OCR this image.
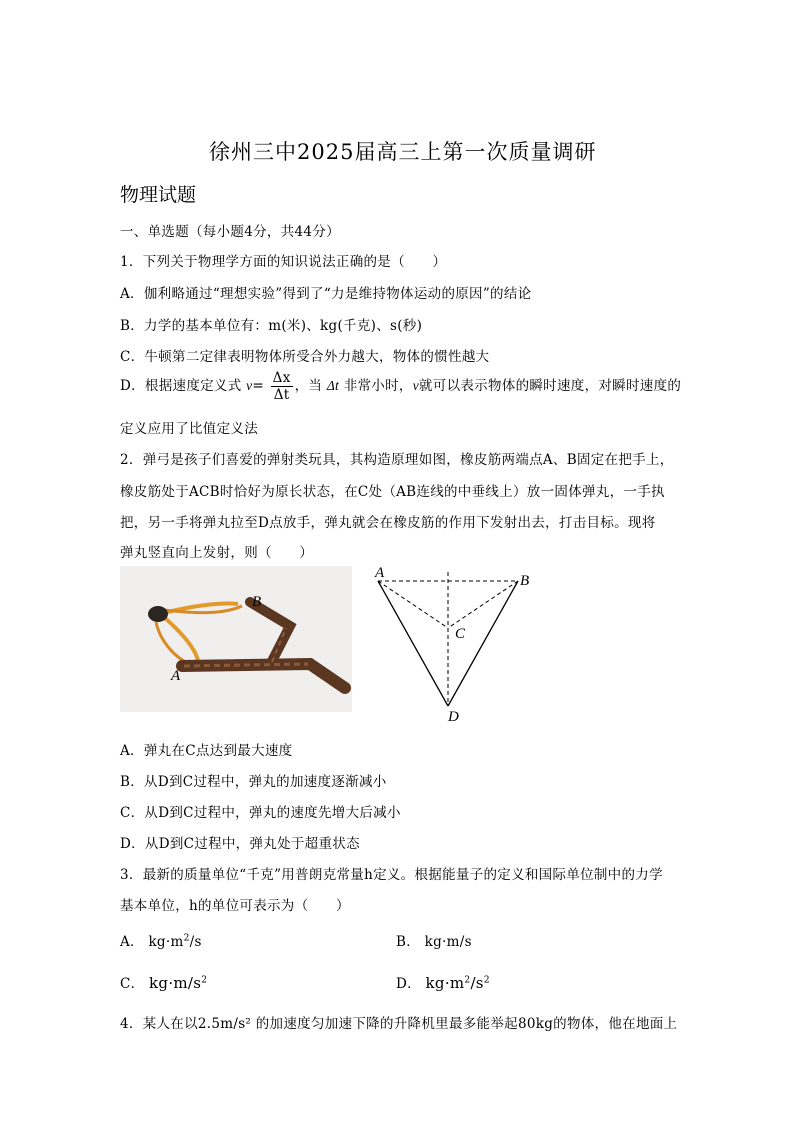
徐州三中2025届高三上第一次质量调研
物理试题
一、单选题（每小题4分，共44分）
1．下列关于物理学方面的知识说法正确的是（　　）
A．伽利略通过“理想实验”得到了“力是维持物体运动的原因”的结论
B．力学的基本单位有：m(米)、kg(千克)、s(秒)
C．牛顿第二定律表明物体所受合外力越大，物体的惯性越大
D．根据速度定义式 $v= \frac{\Delta x}{\Delta t}$ ，当 Δt 非常小时，v就可以表示物体的瞬时速度，对瞬时速度的
定义应用了比值定义法
2．弹弓是孩子们喜爱的弹射类玩具，其构造原理如图，橡皮筋两端点A、B固定在把手上，
橡皮筋处于ACB时恰好为原长状态，在C处（AB连线的中垂线上）放一固体弹丸，一手执
把，另一手将弹丸拉至D点放手，弹丸就会在橡皮筋的作用下发射出去，打击目标。现将
弹丸竖直向上发射，则（　　）
B
A
A	B
C
D
A．弹丸在C点达到最大速度
B．从D到C过程中，弹丸的加速度逐渐减小
C．从D到C过程中，弹丸的速度先增大后减小
D．从D到C过程中，弹丸处于超重状态
3．最新的质量单位“千克”用普朗克常量h定义。根据能量子的定义和国际单位制中的力学
基本单位，h的单位可表示为（　　）
A． $kg\cdot m^2/s$	B． kg·m/s
C． $kg\cdot m/s^2$	D． $kg\cdot m^2/s^2$
4．某人在以2.5m/s² 的加速度匀加速下降的升降机里最多能举起80kg的物体，他在地面上
